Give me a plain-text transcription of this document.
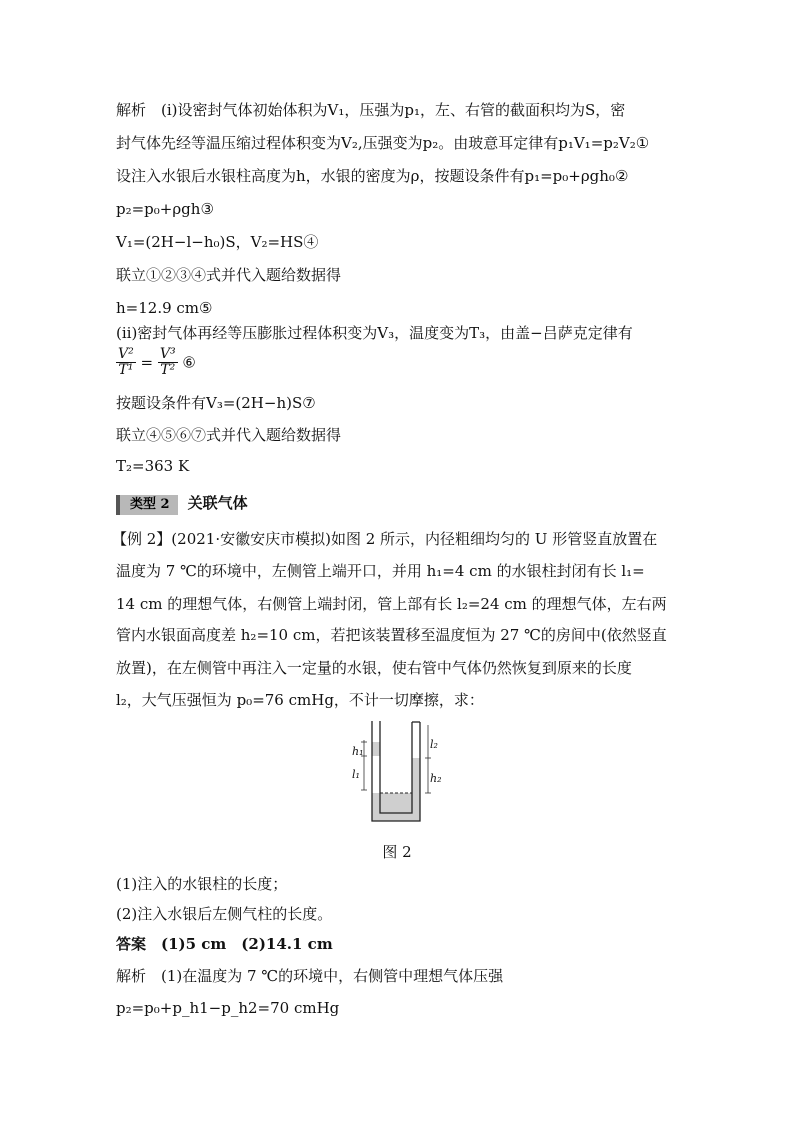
解析　(ⅰ)设密封气体初始体积为V₁，压强为p₁，左、右管的截面积均为S，密
封气体先经等温压缩过程体积变为V₂,压强变为p₂。由玻意耳定律有p₁V₁=p₂V₂①
设注入水银后水银柱高度为h，水银的密度为ρ，按题设条件有p₁=p₀+ρgh₀②
p₂=p₀+ρgh③
V₁=(2H−l−h₀)S，V₂=HS④
联立①②③④式并代入题给数据得
h=12.9 cm⑤
(ⅱ)密封气体再经等压膨胀过程体积变为V₃，温度变为T₃，由盖−吕萨克定律有
$\frac{\text{V²}}{\text{T¹}} = \frac{\text{V³}}{\text{T²}}$ ⑥
按题设条件有V₃=(2H−h)S⑦
联立④⑤⑥⑦式并代入题给数据得
T₂=363 K
类型 2 关联气体
【例 2】(2021·安徽安庆市模拟)如图 2 所示，内径粗细均匀的 U 形管竖直放置在
温度为 7 ℃的环境中，左侧管上端开口，并用 h₁=4 cm 的水银柱封闭有长 l₁=
14 cm 的理想气体，右侧管上端封闭，管上部有长 l₂=24 cm 的理想气体，左右两
管内水银面高度差 h₂=10 cm，若把该装置移至温度恒为 27 ℃的房间中(依然竖直
放置)，在左侧管中再注入一定量的水银，使右管中气体仍然恢复到原来的长度
l₂，大气压强恒为 p₀=76 cmHg，不计一切摩擦，求：
h₁
l₁
l₂
h₂
图 2
(1)注入的水银柱的长度；
(2)注入水银后左侧气柱的长度。
答案　(1)5 cm　(2)14.1 cm
解析　(1)在温度为 7 ℃的环境中，右侧管中理想气体压强
p₂=p₀+p_h1−p_h2=70 cmHg
